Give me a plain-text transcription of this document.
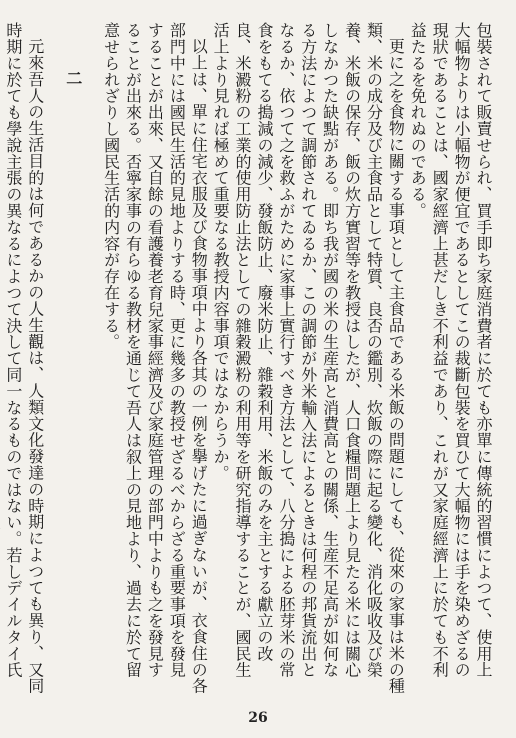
包裝されて販賣せられ、買手即ち家庭消費者に於ても亦單に傳統的習慣によつて、使用上大幅物よりは小幅物が便宜であるとしてこの裁斷包裝を買ひて大幅物には手を染めざるの現狀であることは、國家經濟上甚だしき不利益であり、これが又家庭經濟上に於ても不利益たるを免れぬのである。

更に之を食物に關する事項として主食品である米飯の問題にしても、從來の家事は米の種類、米の成分及び主食品として特質、良否の鑑別、炊飯の際に起る變化、消化吸收及び榮養、米飯の保存、飯の炊方實習等を教授はしたが、人口食糧問題上より見たる米には關心しなかつた缺點がある。即ち我が國の米の生産高と消費高との關係、生産不足高が如何なる方法によつて調節されてゐるか、この調節が外米輸入法によるときは何程の邦貨流出となるか、依つて之を救ふがために家事上實行すべき方法として、八分搗による胚芽米の常食をもてる搗減の減少、發飯防止、廢米防止、雜穀利用、米飯のみを主とする獻立の改良、米澱粉の工業的使用防止法としての雜穀澱粉の利用等を研究指導することが、國民生活上より見れば極めて重要なる教授内容事項ではなからうか。

以上は、單に住宅衣服及び食物事項中より各其の一例を擧げたに過ぎないが、衣食住の各部門中には國民生活的見地よりする時、更に幾多の教授せざるべからざる重要事項を發見することが出來、又自餘の看護養老育兒家事經濟及び家庭管理の部門中よりも之を發見することが出來る。否寧家事の有らゆる教材を通じて吾人は叙上の見地より、過去に於て留意せられざりし國民生活的内容が存在する。

二

元來吾人の生活目的は何であるかの人生觀は、人類文化發達の時期によつても異り、又同時期に於ても學說主張の異なるによつて決して同一なるものではない。若しデイルタイ氏

26
